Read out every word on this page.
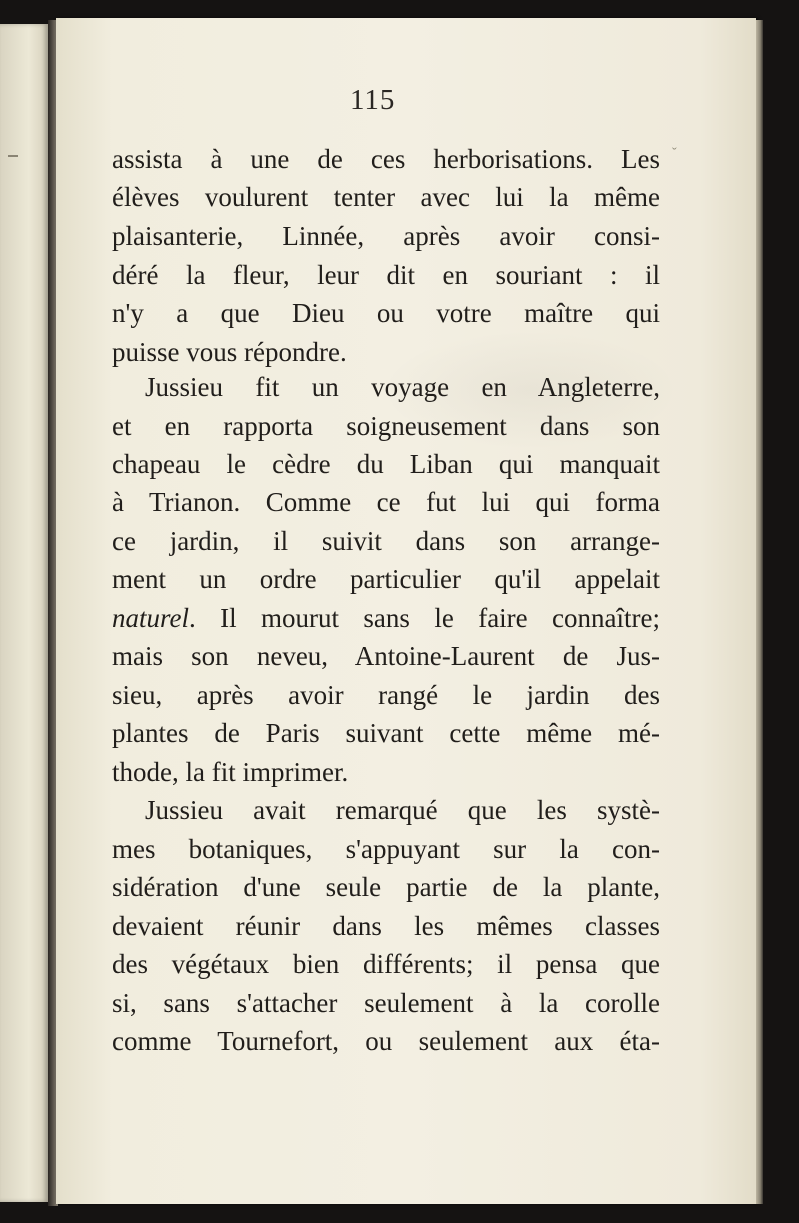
ˇ
115
assista à une de ces herborisations. Les
élèves voulurent tenter avec lui la même
plaisanterie, Linnée, après avoir consi-
déré la fleur, leur dit en souriant : il
n'y a que Dieu ou votre maître qui
puisse vous répondre.
Jussieu fit un voyage en Angleterre,
et en rapporta soigneusement dans son
chapeau le cèdre du Liban qui manquait
à Trianon. Comme ce fut lui qui forma
ce jardin, il suivit dans son arrange-
ment un ordre particulier qu'il appelait
naturel. Il mourut sans le faire connaître;
mais son neveu, Antoine-Laurent de Jus-
sieu, après avoir rangé le jardin des
plantes de Paris suivant cette même mé-
thode, la fit imprimer.
Jussieu avait remarqué que les systè-
mes botaniques, s'appuyant sur la con-
sidération d'une seule partie de la plante,
devaient réunir dans les mêmes classes
des végétaux bien différents; il pensa que
si, sans s'attacher seulement à la corolle
comme Tournefort, ou seulement aux éta-
